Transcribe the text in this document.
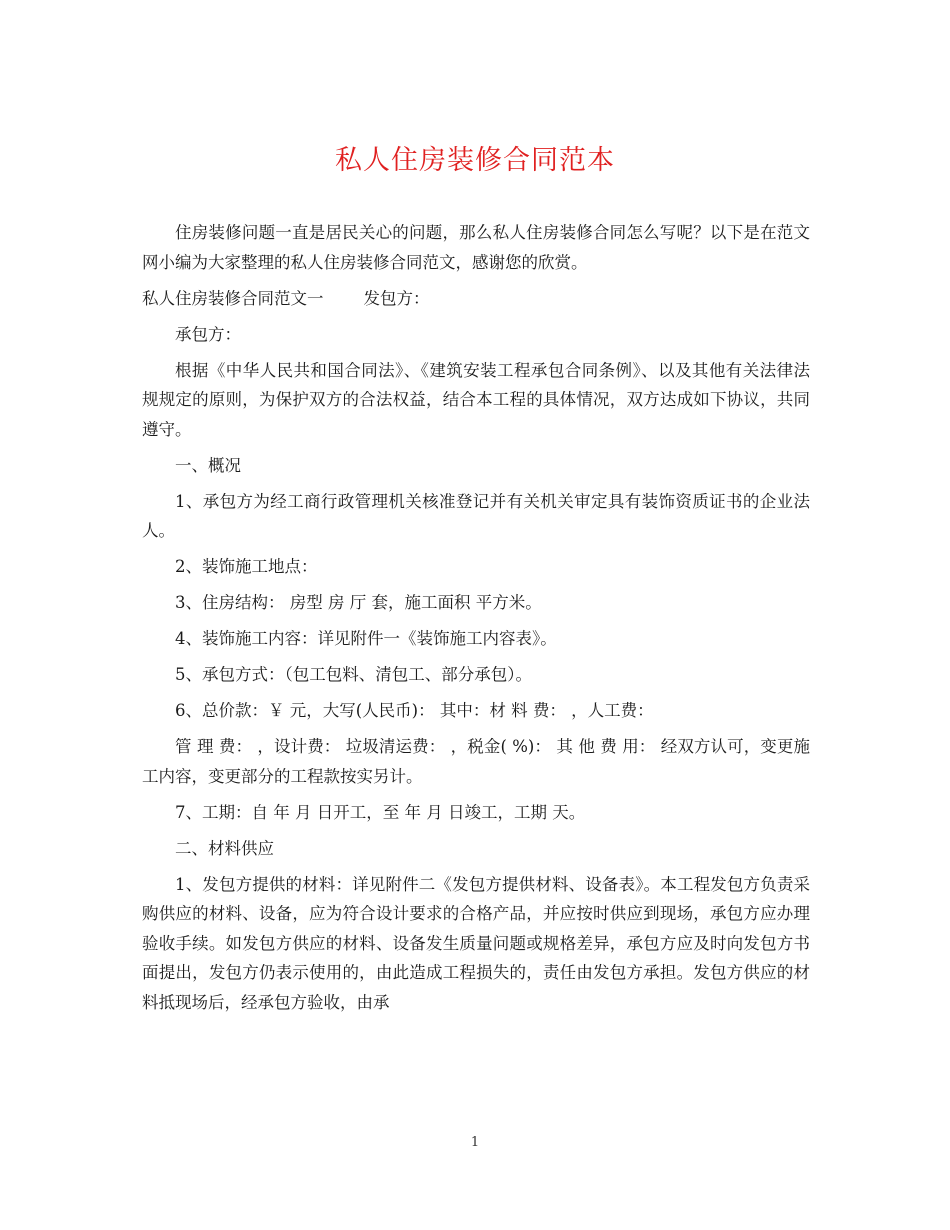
私人住房装修合同范本

住房装修问题一直是居民关心的问题，那么私人住房装修合同怎么写呢？以下是在范文网小编为大家整理的私人住房装修合同范文，感谢您的欣赏。

私人住房装修合同范文一 发包方：

承包方：

根据《中华人民共和国合同法》、《建筑安装工程承包合同条例》、以及其他有关法律法规规定的原则，为保护双方的合法权益，结合本工程的具体情况，双方达成如下协议，共同遵守。

一、概况

1、承包方为经工商行政管理机关核准登记并有关机关审定具有装饰资质证书的企业法人。

2、装饰施工地点：

3、住房结构： 房型 房 厅 套，施工面积 平方米。

4、装饰施工内容：详见附件一《装饰施工内容表》。

5、承包方式：（包工包料、清包工、部分承包）。

6、总价款：￥ 元，大写(人民币)： 其中：材 料 费： ，人工费：

管 理 费： ，设计费： 垃圾清运费： ，税金( %)： 其 他 费 用： 经双方认可，变更施工内容，变更部分的工程款按实另计。

7、工期：自 年 月 日开工，至 年 月 日竣工，工期 天。

二、材料供应

1、发包方提供的材料：详见附件二《发包方提供材料、设备表》。本工程发包方负责采购供应的材料、设备，应为符合设计要求的合格产品，并应按时供应到现场，承包方应办理验收手续。如发包方供应的材料、设备发生质量问题或规格差异，承包方应及时向发包方书面提出，发包方仍表示使用的，由此造成工程损失的，责任由发包方承担。发包方供应的材料抵现场后，经承包方验收，由承

1
